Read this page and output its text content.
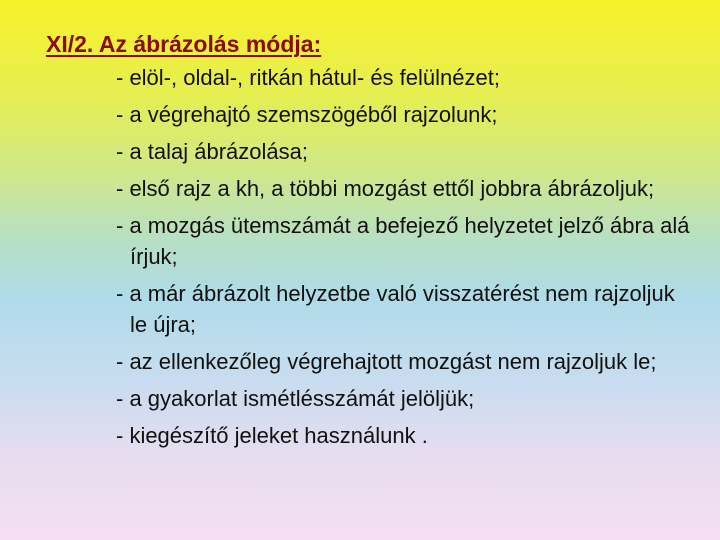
XI/2. Az ábrázolás módja:
- elöl-, oldal-, ritkán hátul- és felülnézet;
- a végrehajtó szemszögéből rajzolunk;
- a talaj ábrázolása;
- első rajz a kh, a többi mozgást ettől jobbra ábrázoljuk;
- a mozgás ütemszámát a befejező helyzetet jelző ábra alá írjuk;
- a már ábrázolt helyzetbe való visszatérést nem rajzoljuk le újra;
- az ellenkezőleg végrehajtott mozgást nem rajzoljuk le;
- a gyakorlat ismétlésszámát jelöljük;
- kiegészítő jeleket használunk .
